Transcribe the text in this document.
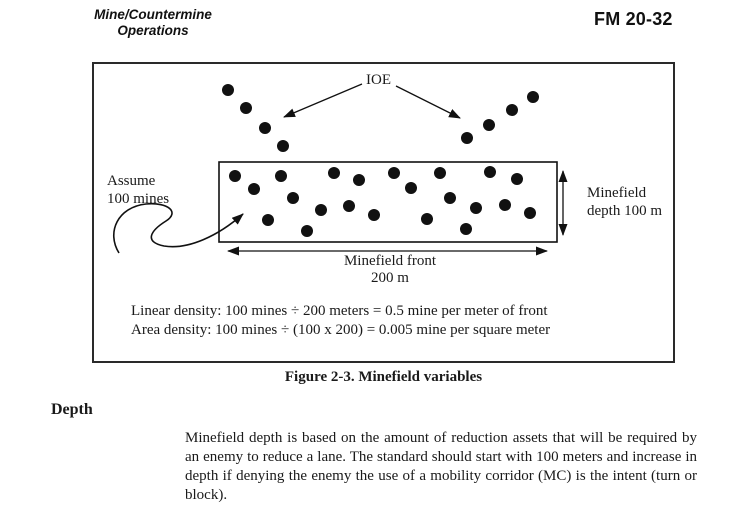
Mine/Countermine
Operations
FM 20-32
IOE
Assume
100 mines	Minefield
depth 100 m
Minefield front
200 m
Linear density: 100 mines ÷ 200 meters = 0.5 mine per meter of front
Area density: 100 mines ÷ (100 x 200) = 0.005 mine per square meter
Figure 2-3. Minefield variables
Depth
Minefield depth is based on the amount of reduction assets that will be required by an enemy to reduce a lane. The standard should start with 100 meters and increase in depth if denying the enemy the use of a mobility corridor (MC) is the intent (turn or block).
